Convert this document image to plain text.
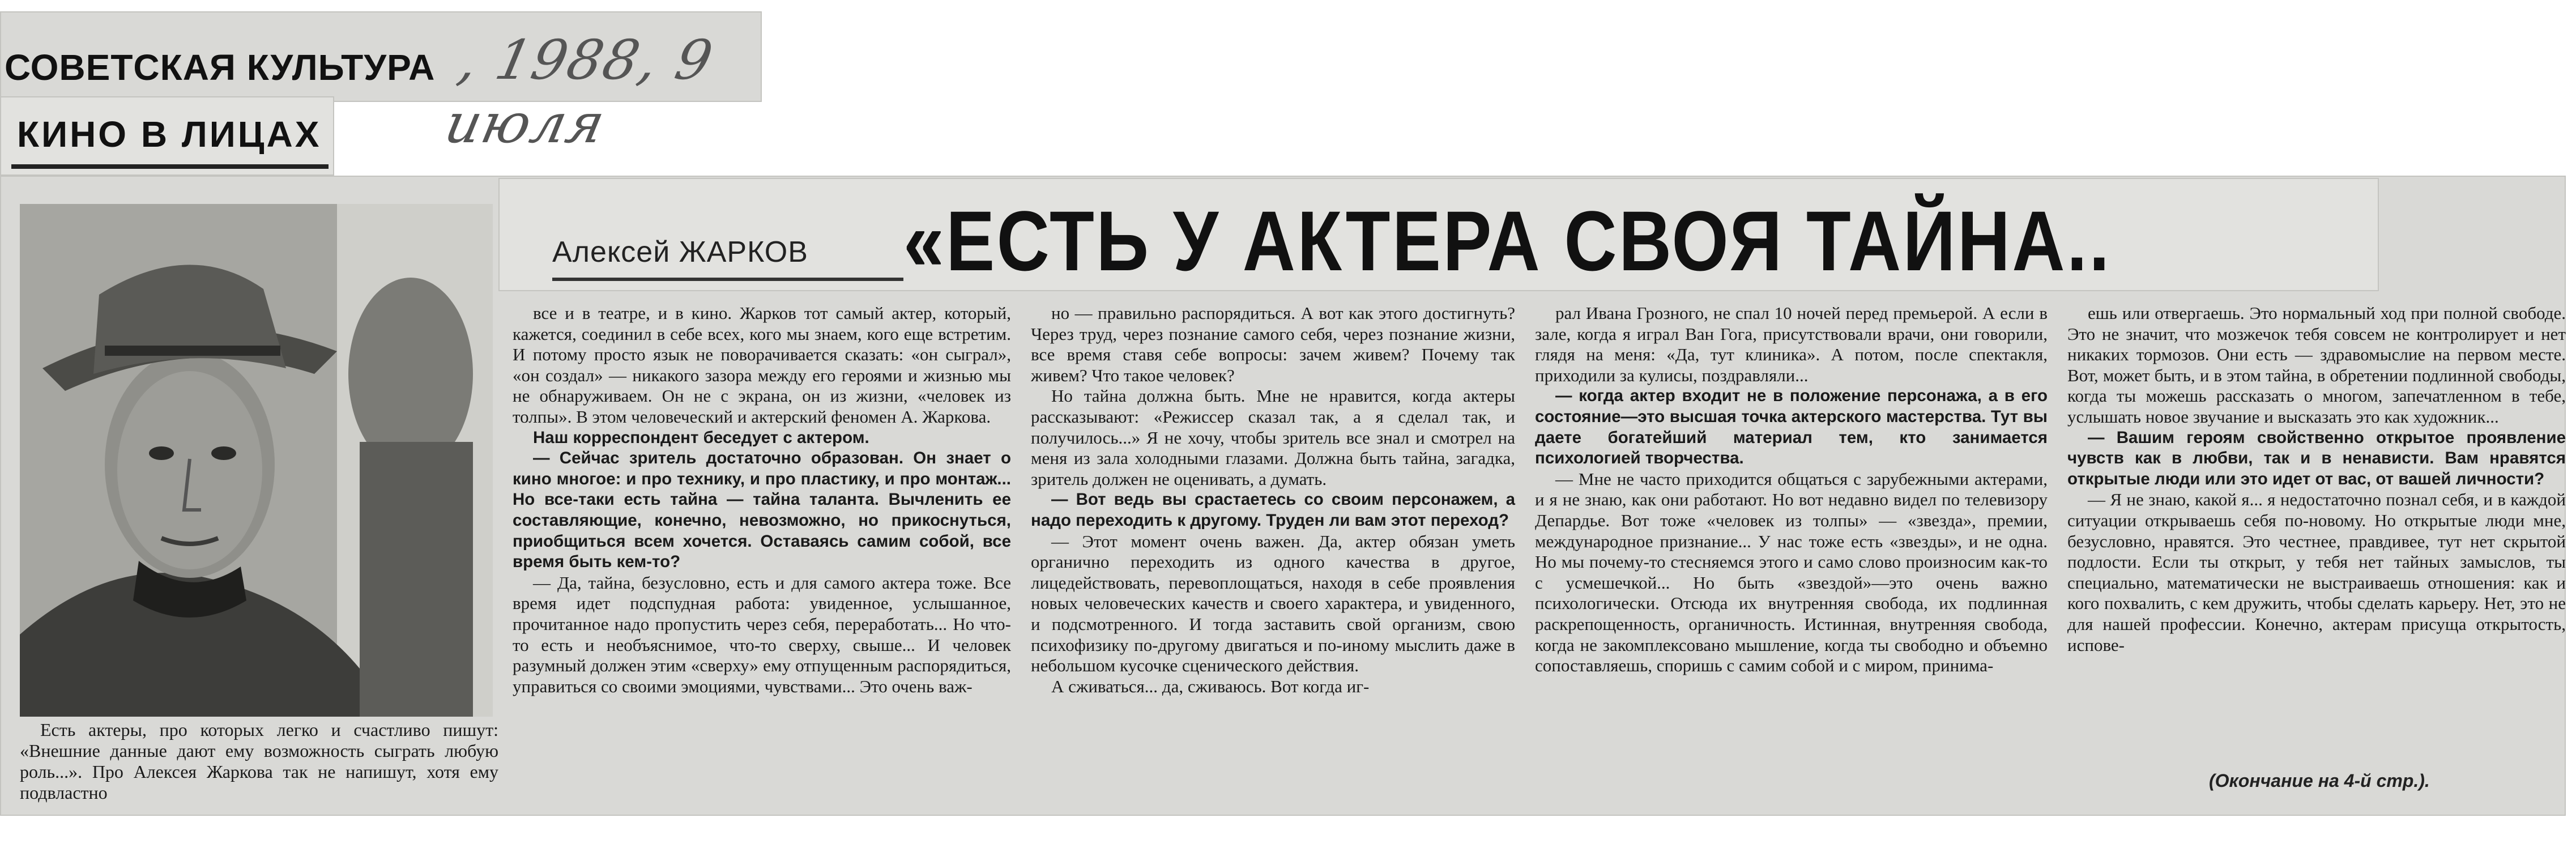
СОВЕТСКАЯ КУЛЬТУРА , 1988, 9 июля
КИНО В ЛИЦАХ
Алексей ЖАРКОВ «ЕСТЬ У АКТЕРА СВОЯ ТАЙНА..

Есть актеры, про которых легко и счастливо пишут: «Внешние данные дают ему возможность сыграть любую роль...». Про Алексея Жаркова так не напишут, хотя ему подвластно

все и в театре, и в кино. Жарков тот самый актер, который, кажется, соединил в себе всех, кого мы знаем, кого еще встретим. И потому просто язык не поворачивается сказать: «он сыграл», «он создал» — никакого зазора между его героями и жизнью мы не обнаруживаем. Он не с экрана, он из жизни, «человек из толпы». В этом человеческий и актерский феномен А. Жаркова.

Наш корреспондент беседует с актером.

— Сейчас зритель достаточно образован. Он знает о кино многое: и про технику, и про пластику, и про монтаж... Но все-таки есть тайна — тайна таланта. Вычленить ее составляющие, конечно, невозможно, но прикоснуться, приобщиться всем хочется. Оставаясь самим собой, все время быть кем-то?

— Да, тайна, безусловно, есть и для самого актера тоже. Все время идет подспудная работа: увиденное, услышанное, прочитанное надо пропустить через себя, переработать... Но что-то есть и необъяснимое, что-то сверху, свыше... И человек разумный должен этим «сверху» ему отпущенным распорядиться, управиться со своими эмоциями, чувствами... Это очень важ-

но — правильно распорядиться. А вот как этого достигнуть? Через труд, через познание самого себя, через познание жизни, все время ставя себе вопросы: зачем живем? Почему так живем? Что такое человек?

Но тайна должна быть. Мне не нравится, когда актеры рассказывают: «Режиссер сказал так, а я сделал так, и получилось...» Я не хочу, чтобы зритель все знал и смотрел на меня из зала холодными глазами. Должна быть тайна, загадка, зритель должен не оценивать, а думать.

— Вот ведь вы срастаетесь со своим персонажем, а надо переходить к другому. Труден ли вам этот переход?

— Этот момент очень важен. Да, актер обязан уметь органично переходить из одного качества в другое, лицедействовать, перевоплощаться, находя в себе проявления новых человеческих качеств и своего характера, и увиденного, и подсмотренного. И тогда заставить свой организм, свою психофизику по-другому двигаться и по-иному мыслить даже в небольшом кусочке сценического действия.

А сживаться... да, сживаюсь. Вот когда иг-

рал Ивана Грозного, не спал 10 ночей перед премьерой. А если в зале, когда я играл Ван Гога, присутствовали врачи, они говорили, глядя на меня: «Да, тут клиника». А потом, после спектакля, приходили за кулисы, поздравляли...

— когда актер входит не в положение персонажа, а в его состояние—это высшая точка актерского мастерства. Тут вы даете богатейший материал тем, кто занимается психологией творчества.

— Мне не часто приходится общаться с зарубежными актерами, и я не знаю, как они работают. Но вот недавно видел по телевизору Депардье. Вот тоже «человек из толпы» — «звезда», премии, международное признание... У нас тоже есть «звезды», и не одна. Но мы почему-то стесняемся этого и само слово произносим как-то с усмешечкой... Но быть «звездой»—это очень важно психологически. Отсюда их внутренняя свобода, их подлинная раскрепощенность, органичность. Истинная, внутренняя свобода, когда не закомплексовано мышление, когда ты свободно и объемно сопоставляешь, споришь с самим собой и с миром, принима-

ешь или отвергаешь. Это нормальный ход при полной свободе. Это не значит, что мозжечок тебя совсем не контролирует и нет никаких тормозов. Они есть — здравомыслие на первом месте. Вот, может быть, и в этом тайна, в обретении подлинной свободы, когда ты можешь рассказать о многом, запечатленном в тебе, услышать новое звучание и высказать это как художник...

— Вашим героям свойственно открытое проявление чувств как в любви, так и в ненависти. Вам нравятся открытые люди или это идет от вас, от вашей личности?

— Я не знаю, какой я... я недостаточно познал себя, и в каждой ситуации открываешь себя по-новому. Но открытые люди мне, безусловно, нравятся. Это честнее, правдивее, тут нет скрытой подлости. Если ты открыт, у тебя нет тайных замыслов, ты специально, математически не выстраиваешь отношения: как и кого похвалить, с кем дружить, чтобы сделать карьеру. Нет, это не для нашей профессии. Конечно, актерам присуща открытость, испове-

(Окончание на 4-й стр.).
